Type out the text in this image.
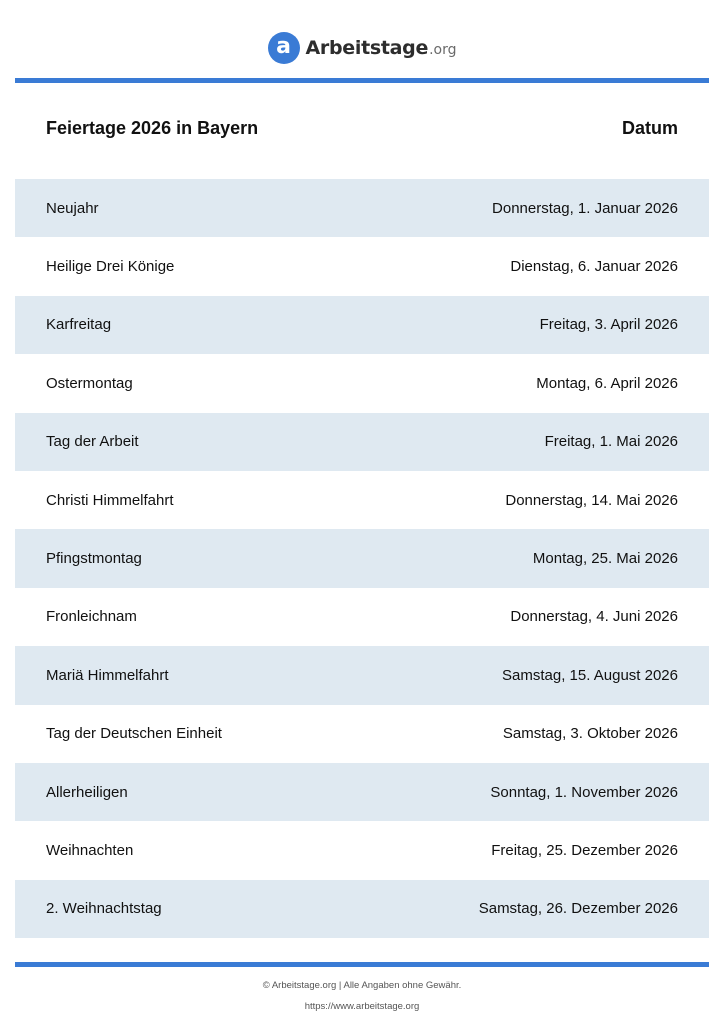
a Arbeitstage .org
Feiertage 2026 in Bayern	Datum
Neujahr	Donnerstag, 1. Januar 2026
Heilige Drei Könige	Dienstag, 6. Januar 2026
Karfreitag	Freitag, 3. April 2026
Ostermontag	Montag, 6. April 2026
Tag der Arbeit	Freitag, 1. Mai 2026
Christi Himmelfahrt	Donnerstag, 14. Mai 2026
Pfingstmontag	Montag, 25. Mai 2026
Fronleichnam	Donnerstag, 4. Juni 2026
Mariä Himmelfahrt	Samstag, 15. August 2026
Tag der Deutschen Einheit	Samstag, 3. Oktober 2026
Allerheiligen	Sonntag, 1. November 2026
Weihnachten	Freitag, 25. Dezember 2026
2. Weihnachtstag	Samstag, 26. Dezember 2026
© Arbeitstage.org | Alle Angaben ohne Gewähr.
https://www.arbeitstage.org
